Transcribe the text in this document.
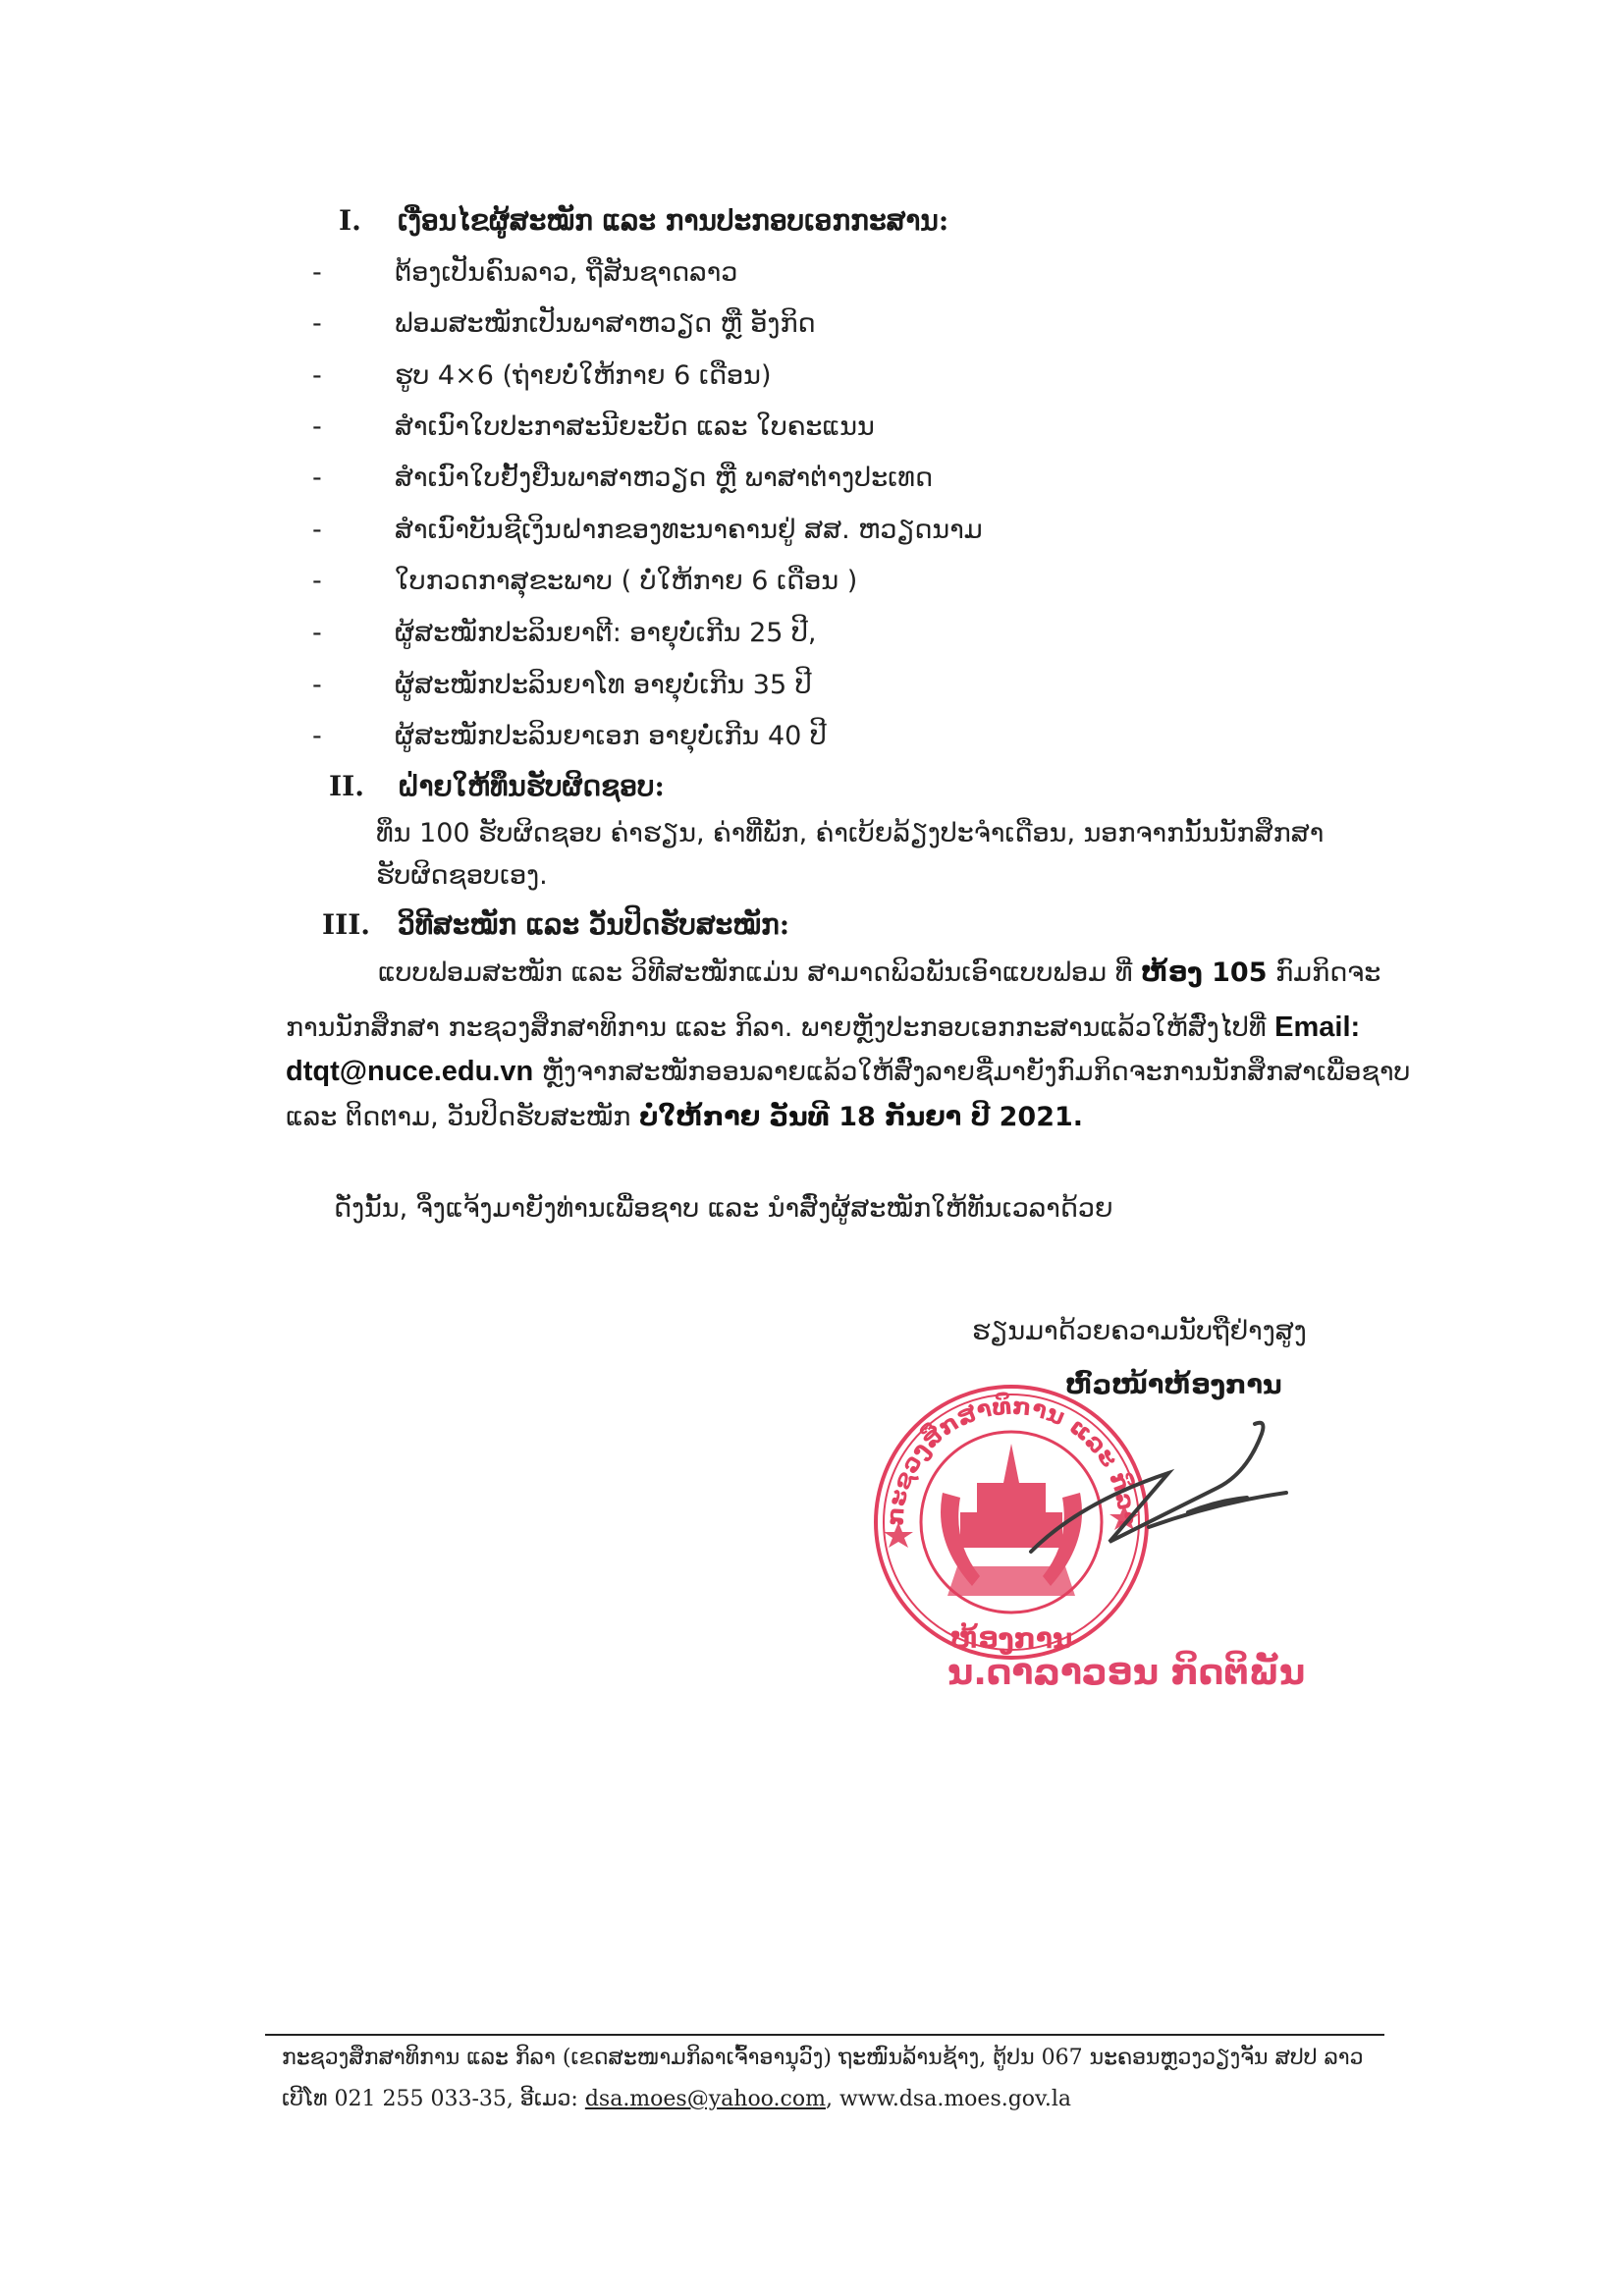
I. ເງື່ອນໄຂຜູ້ສະໝັກ ແລະ ການປະກອບເອກກະສານ:
-	ຕ້ອງເປັນຄົນລາວ, ຖືສັນຊາດລາວ
-	ຟອມສະໝັກເປັນພາສາຫວຽດ ຫຼື ອັງກິດ
-	ຮູບ 4×6 (ຖ່າຍບໍ່ໃຫ້ກາຍ 6 ເດືອນ)
-	ສຳເນົາໃບປະກາສະນີຍະບັດ ແລະ ໃບຄະແນນ
-	ສຳເນົາໃບຢັ້ງຢືນພາສາຫວຽດ ຫຼື ພາສາຕ່າງປະເທດ
-	ສຳເນົາບັນຊີເງິນຝາກຂອງທະນາຄານຢູ່ ສສ. ຫວຽດນາມ
-	ໃບກວດກາສຸຂະພາບ ( ບໍ່ໃຫ້ກາຍ 6 ເດືອນ )
-	ຜູ້ສະໝັກປະລິນຍາຕີ: ອາຍຸບໍ່ເກີນ 25 ປີ,
-	ຜູ້ສະໝັກປະລິນຍາໂທ ອາຍຸບໍ່ເກີນ 35 ປີ
-	ຜູ້ສະໝັກປະລິນຍາເອກ ອາຍຸບໍ່ເກີນ 40 ປີ
II. ຝ່າຍໃຫ້ທຶນຮັບຜິດຊອບ:
ທຶນ 100 ຮັບຜິດຊອບ ຄ່າຮຽນ, ຄ່າທີ່ພັກ, ຄ່າເບ້ຍລ້ຽງປະຈຳເດືອນ, ນອກຈາກນັ້ນນັກສຶກສາ
ຮັບຜິດຊອບເອງ.
III. ວິທີສະໝັກ ແລະ ວັນປິດຮັບສະໝັກ:
ແບບຟອມສະໝັກ ແລະ ວິທີສະໝັກແມ່ນ ສາມາດພິວພັນເອົາແບບຟອມ ທີ່ ຫ້ອງ 105 ກົມກິດຈະ
ການນັກສຶກສາ ກະຊວງສຶກສາທິການ ແລະ ກິລາ. ພາຍຫຼັງປະກອບເອກກະສານແລ້ວໃຫ້ສົ່ງໄປທີ່ Email:
dtqt@nuce.edu.vn ຫຼັງຈາກສະໝັກອອນລາຍແລ້ວໃຫ້ສົ່ງລາຍຊື່ມາຍັງກົມກິດຈະການນັກສຶກສາເພື່ອຊາບ
ແລະ ຕິດຕາມ, ວັນປິດຮັບສະໝັກ ບໍ່ໃຫ້ກາຍ ວັນທີ 18 ກັນຍາ ປີ 2021.
ດັ່ງນັ້ນ, ຈຶ່ງແຈ້ງມາຍັງທ່ານເພື່ອຊາບ ແລະ ນຳສົ່ງຜູ້ສະໝັກໃຫ້ທັນເວລາດ້ວຍ
ຮຽນມາດ້ວຍຄວາມນັບຖືຢ່າງສູງ
ຫ້ອງການ
ກະຊວງສຶກສາທິການ ແລະ ກິລາ
ຫົວໜ້າຫ້ອງການ
ນ.ດາລາວອນ ກິດຕິພັນ
ກະຊວງສຶກສາທິການ ແລະ ກິລາ (ເຂດສະໜາມກິລາເຈົ້າອານຸວົງ) ຖະໜົນລ້ານຊ້າງ, ຕູ້ປນ 067 ນະຄອນຫຼວງວຽງຈັນ ສປປ ລາວ
ເບີໂທ 021 255 033-35, ອີເມວ: dsa.moes@yahoo.com, www.dsa.moes.gov.la
